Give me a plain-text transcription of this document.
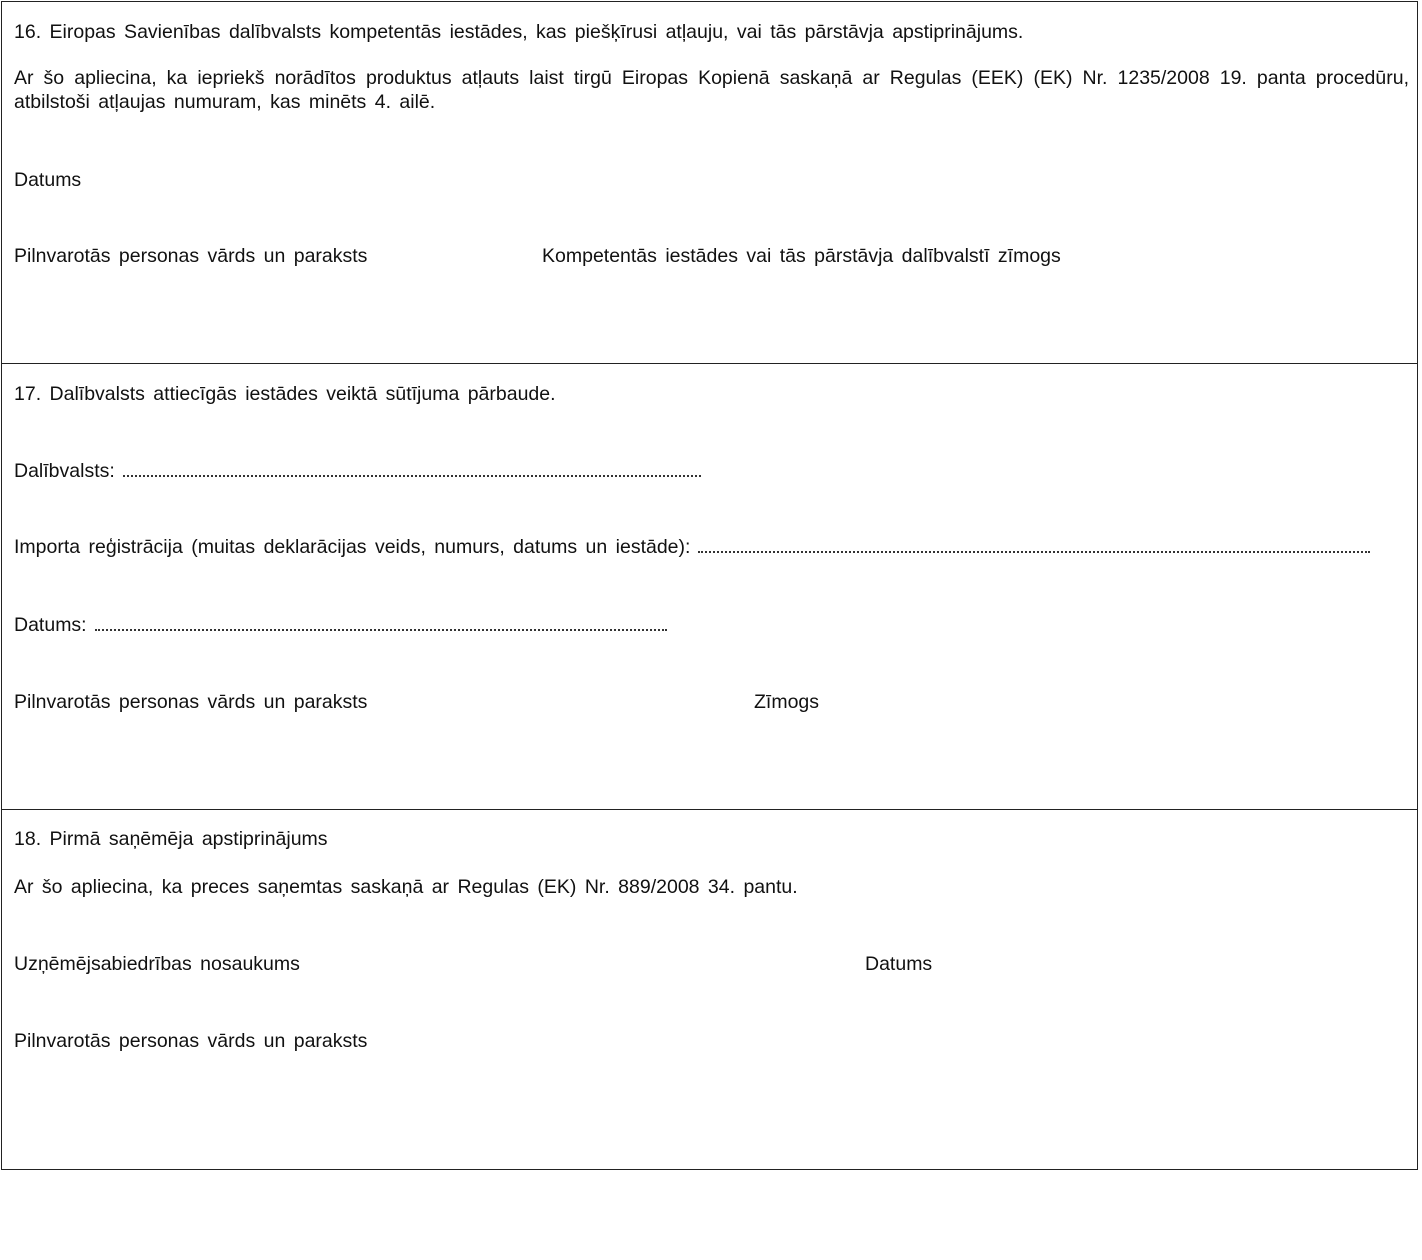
16. Eiropas Savienības dalībvalsts kompetentās iestādes, kas piešķīrusi atļauju, vai tās pārstāvja apstiprinājums.
Ar šo apliecina, ka iepriekš norādītos produktus atļauts laist tirgū Eiropas Kopienā saskaņā ar Regulas (EEK) (EK) Nr. 1235/2008 19. panta procedūru, atbilstoši atļaujas numuram, kas minēts 4. ailē.
Datums
Pilnvarotās personas vārds un paraksts	Kompetentās iestādes vai tās pārstāvja dalībvalstī zīmogs
17. Dalībvalsts attiecīgās iestādes veiktā sūtījuma pārbaude.
Dalībvalsts:
Importa reģistrācija (muitas deklarācijas veids, numurs, datums un iestāde):
Datums:
Pilnvarotās personas vārds un paraksts	Zīmogs
18. Pirmā saņēmēja apstiprinājums
Ar šo apliecina, ka preces saņemtas saskaņā ar Regulas (EK) Nr. 889/2008 34. pantu.
Uzņēmējsabiedrības nosaukums	Datums
Pilnvarotās personas vārds un paraksts
